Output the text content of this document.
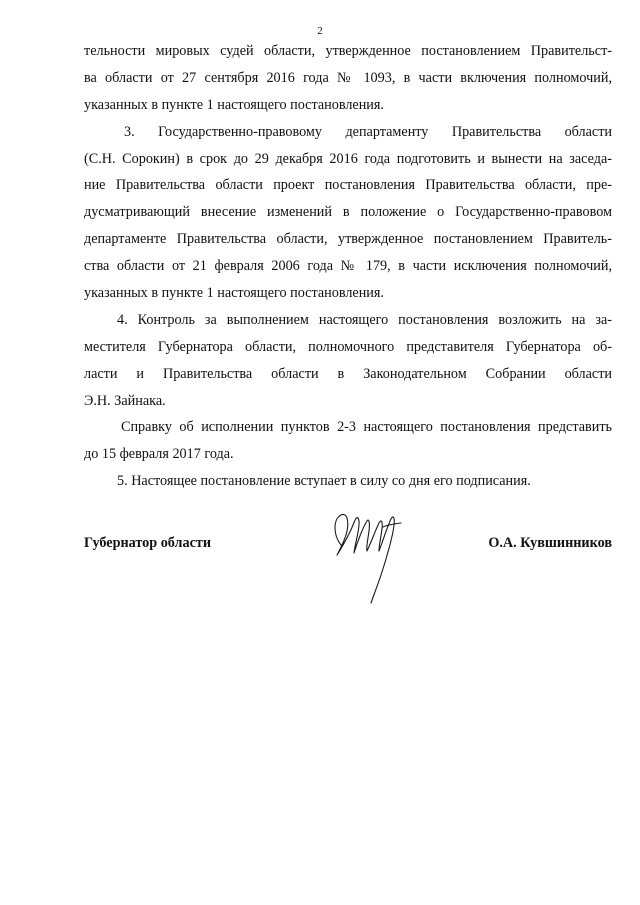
2
тельности мировых судей области, утвержденное постановлением Правительст-
ва области от 27 сентября 2016 года № 1093, в части включения полномочий,
указанных в пункте 1 настоящего постановления.
3. Государственно-правовому департаменту Правительства области
(С.Н. Сорокин) в срок до 29 декабря 2016 года подготовить и вынести на заседа-
ние Правительства области проект постановления Правительства области, пре-
дусматривающий внесение изменений в положение о Государственно-правовом
департаменте Правительства области, утвержденное постановлением Правитель-
ства области от 21 февраля 2006 года № 179, в части исключения полномочий,
указанных в пункте 1 настоящего постановления.
4. Контроль за выполнением настоящего постановления возложить на за-
местителя Губернатора области, полномочного представителя Губернатора об-
ласти и Правительства области в Законодательном Собрании области
Э.Н. Зайнака.
Справку об исполнении пунктов 2-3 настоящего постановления представить
до 15 февраля 2017 года.
5. Настоящее постановление вступает в силу со дня его подписания.
Губернатор области	О.А. Кувшинников
